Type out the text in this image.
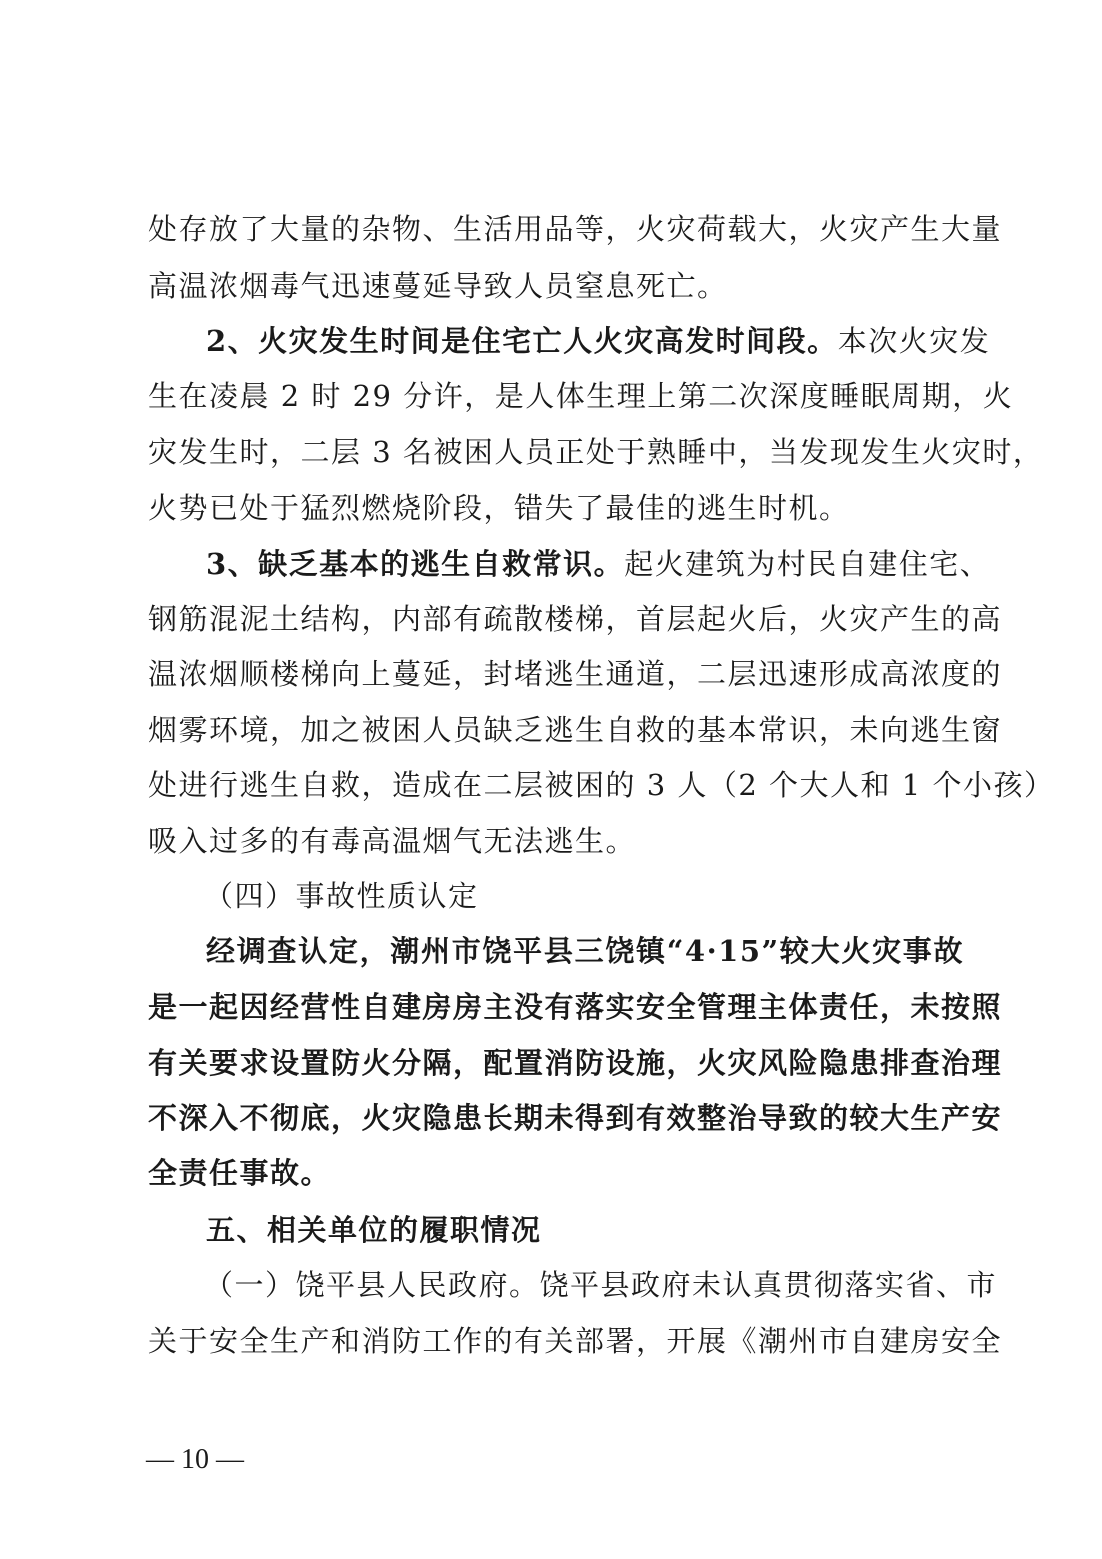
处存放了大量的杂物、生活用品等，火灾荷载大，火灾产生大量
高温浓烟毒气迅速蔓延导致人员窒息死亡。
2、火灾发生时间是住宅亡人火灾高发时间段。本次火灾发
生在凌晨 2 时 29 分许，是人体生理上第二次深度睡眠周期，火
灾发生时，二层 3 名被困人员正处于熟睡中，当发现发生火灾时，
火势已处于猛烈燃烧阶段，错失了最佳的逃生时机。
3、缺乏基本的逃生自救常识。起火建筑为村民自建住宅、
钢筋混泥土结构，内部有疏散楼梯，首层起火后，火灾产生的高
温浓烟顺楼梯向上蔓延，封堵逃生通道，二层迅速形成高浓度的
烟雾环境，加之被困人员缺乏逃生自救的基本常识，未向逃生窗
处进行逃生自救，造成在二层被困的 3 人（2 个大人和 1 个小孩）
吸入过多的有毒高温烟气无法逃生。
（四）事故性质认定
经调查认定，潮州市饶平县三饶镇“4·15”较大火灾事故
是一起因经营性自建房房主没有落实安全管理主体责任，未按照
有关要求设置防火分隔，配置消防设施，火灾风险隐患排查治理
不深入不彻底，火灾隐患长期未得到有效整治导致的较大生产安
全责任事故。
五、相关单位的履职情况
（一）饶平县人民政府。饶平县政府未认真贯彻落实省、市
关于安全生产和消防工作的有关部署，开展《潮州市自建房安全
— 10 —
